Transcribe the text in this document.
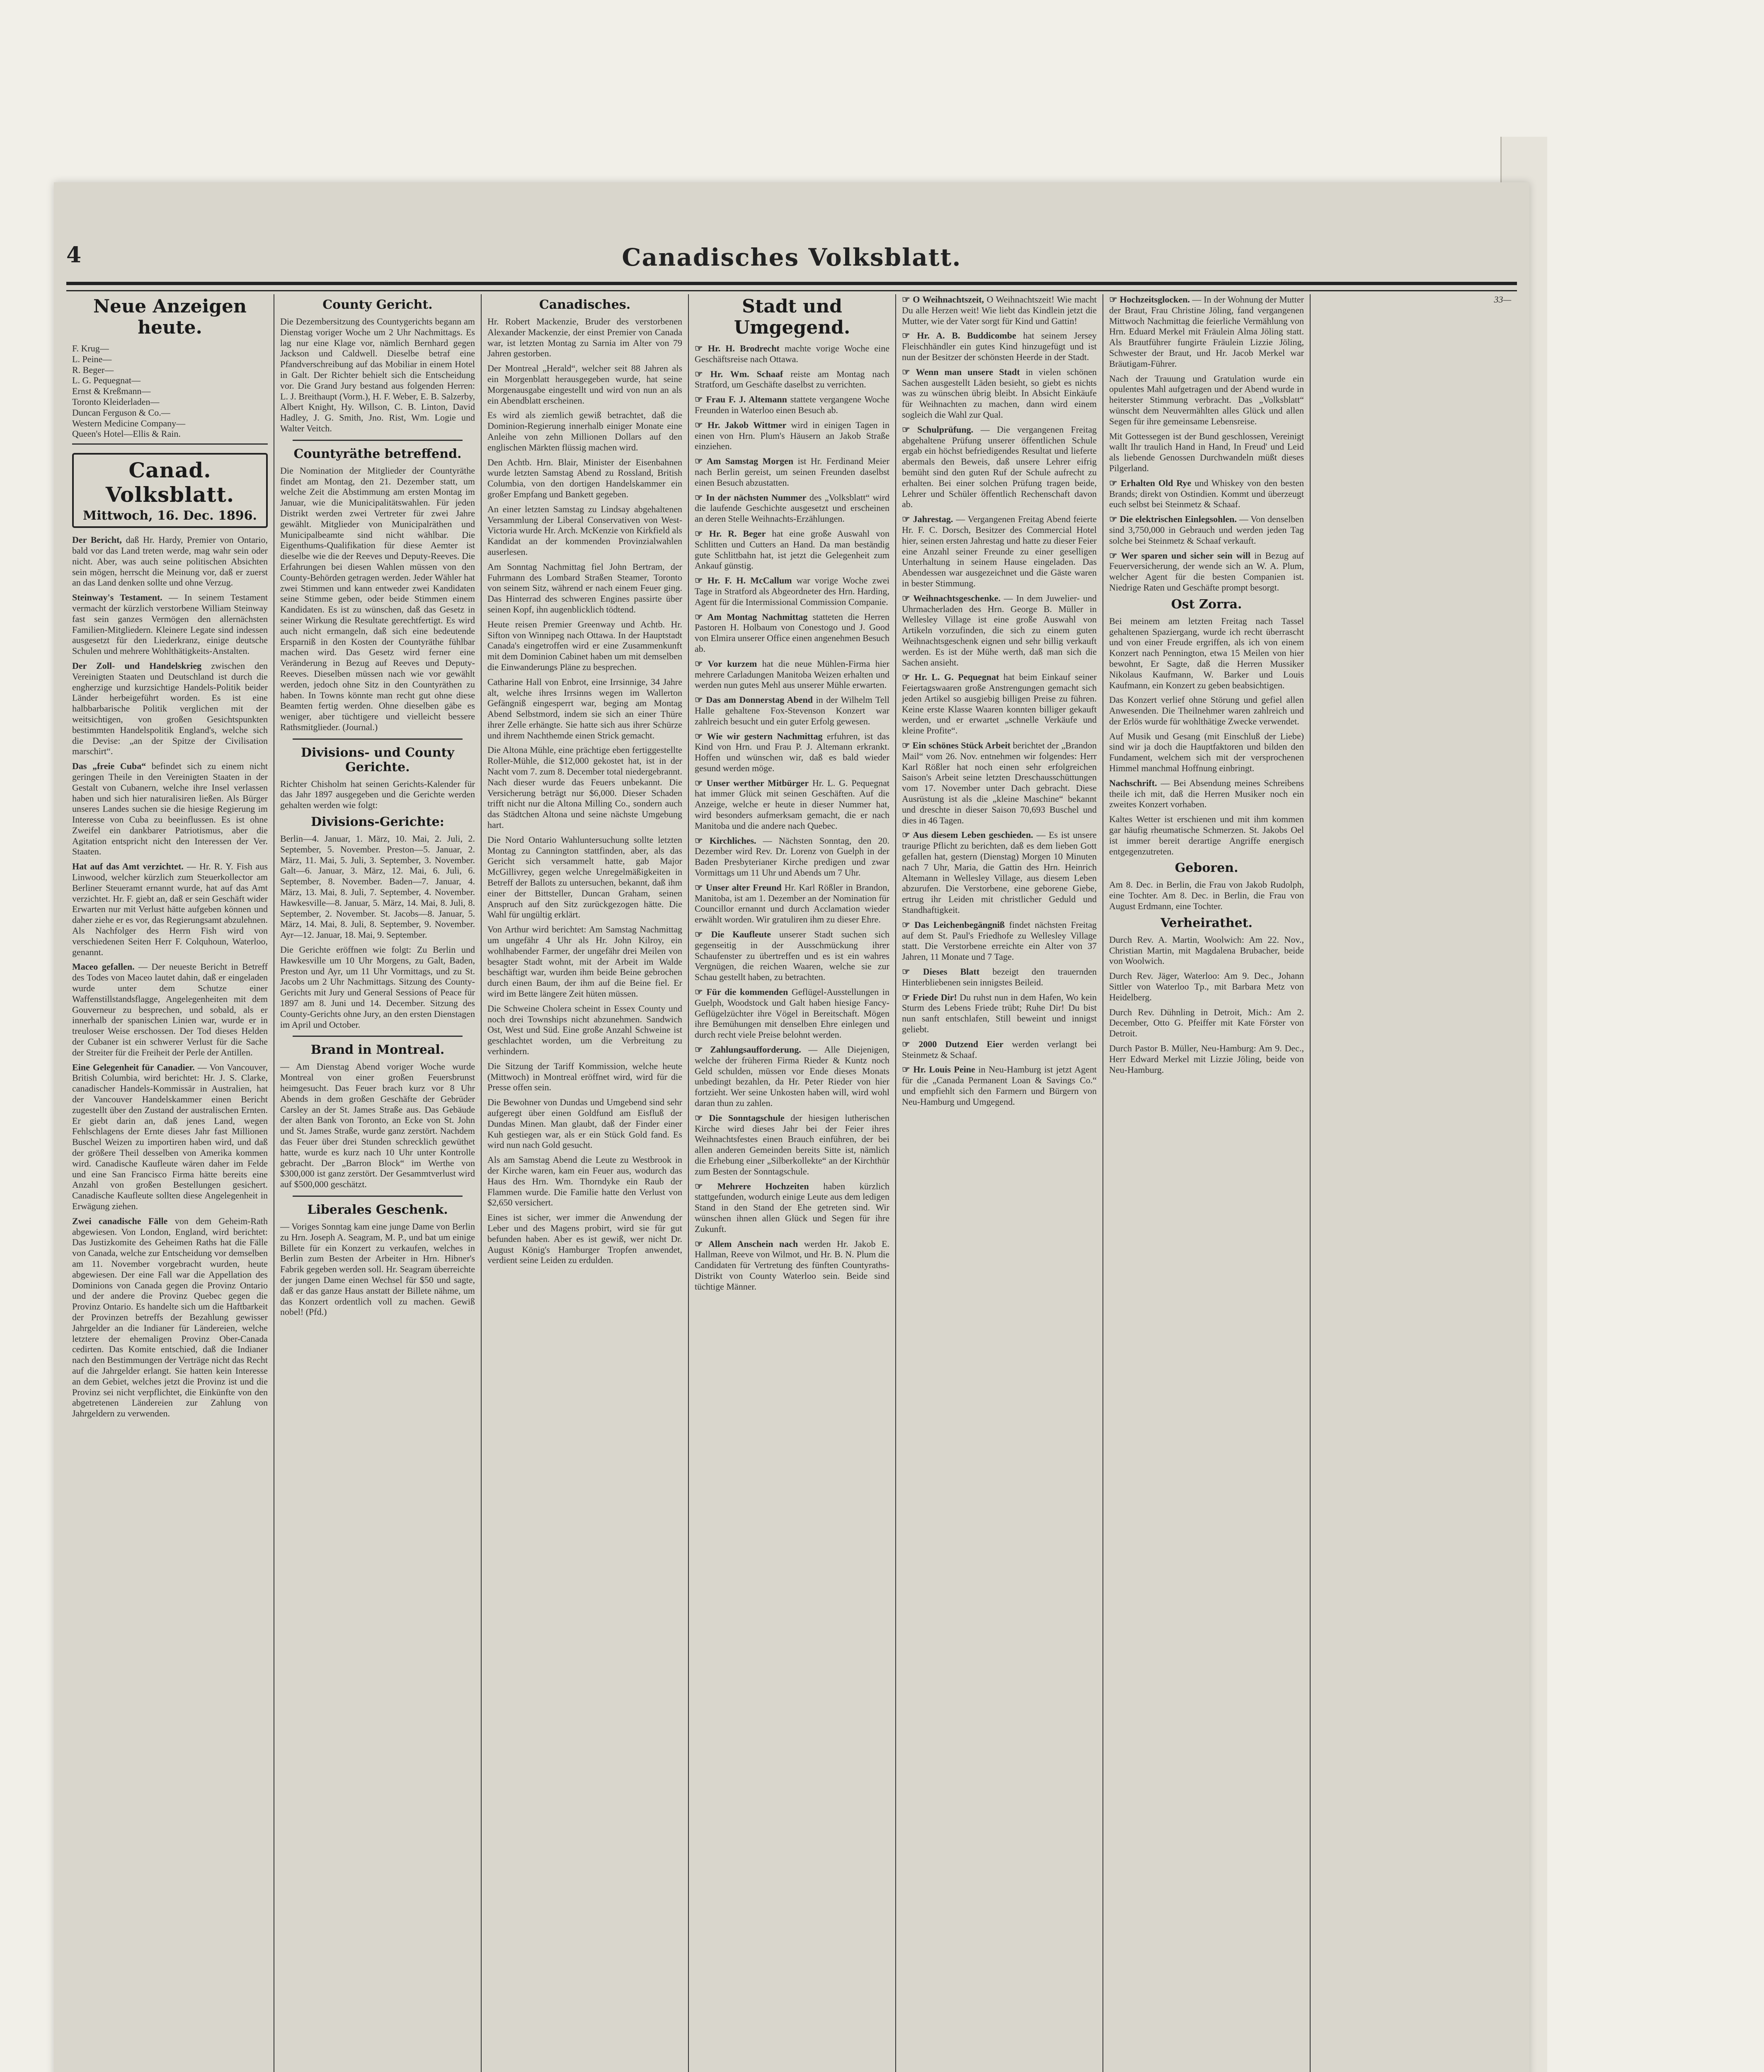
4	Canadisches Volksblatt.
Neue Anzeigen heute.
F. Krug—
L. Peine—
R. Beger—
L. G. Pequegnat—
Ernst & Kreßmann—
Toronto Kleiderladen—
Duncan Ferguson & Co.—
Western Medicine Company—
Queen's Hotel—Ellis & Rain.
Canad. Volksblatt.
Mittwoch, 16. Dec. 1896.

Der Bericht, daß Hr. Hardy, Premier von Ontario, bald vor das Land treten werde, mag wahr sein oder nicht. Aber, was auch seine politischen Absichten sein mögen, herrscht die Meinung vor, daß er zuerst an das Land denken sollte und ohne Verzug.

Steinway's Testament. — In seinem Testament vermacht der kürzlich verstorbene William Steinway fast sein ganzes Vermögen den allernächsten Familien-Mitgliedern. Kleinere Legate sind indessen ausgesetzt für den Liederkranz, einige deutsche Schulen und mehrere Wohlthätigkeits-Anstalten.

Der Zoll- und Handelskrieg zwischen den Vereinigten Staaten und Deutschland ist durch die engherzige und kurzsichtige Handels-Politik beider Länder herbeigeführt worden. Es ist eine halbbarbarische Politik verglichen mit der weitsichtigen, von großen Gesichtspunkten bestimmten Handelspolitik England's, welche sich die Devise: „an der Spitze der Civilisation marschirt“.

Das „freie Cuba“ befindet sich zu einem nicht geringen Theile in den Vereinigten Staaten in der Gestalt von Cubanern, welche ihre Insel verlassen haben und sich hier naturalisiren ließen. Als Bürger unseres Landes suchen sie die hiesige Regierung im Interesse von Cuba zu beeinflussen. Es ist ohne Zweifel ein dankbarer Patriotismus, aber die Agitation entspricht nicht den Interessen der Ver. Staaten.

Hat auf das Amt verzichtet. — Hr. R. Y. Fish aus Linwood, welcher kürzlich zum Steuerkollector am Berliner Steueramt ernannt wurde, hat auf das Amt verzichtet. Hr. F. giebt an, daß er sein Geschäft wider Erwarten nur mit Verlust hätte aufgeben können und daher ziehe er es vor, das Regierungsamt abzulehnen. Als Nachfolger des Herrn Fish wird von verschiedenen Seiten Herr F. Colquhoun, Waterloo, genannt.

Maceo gefallen. — Der neueste Bericht in Betreff des Todes von Maceo lautet dahin, daß er eingeladen wurde unter dem Schutze einer Waffenstillstandsflagge, Angelegenheiten mit dem Gouverneur zu besprechen, und sobald, als er innerhalb der spanischen Linien war, wurde er in treuloser Weise erschossen. Der Tod dieses Helden der Cubaner ist ein schwerer Verlust für die Sache der Streiter für die Freiheit der Perle der Antillen.

Eine Gelegenheit für Canadier. — Von Vancouver, British Columbia, wird berichtet: Hr. J. S. Clarke, canadischer Handels-Kommissär in Australien, hat der Vancouver Handelskammer einen Bericht zugestellt über den Zustand der australischen Ernten. Er giebt darin an, daß jenes Land, wegen Fehlschlagens der Ernte dieses Jahr fast Millionen Buschel Weizen zu importiren haben wird, und daß der größere Theil desselben von Amerika kommen wird. Canadische Kaufleute wären daher im Felde und eine San Francisco Firma hätte bereits eine Anzahl von großen Bestellungen gesichert. Canadische Kaufleute sollten diese Angelegenheit in Erwägung ziehen.

Zwei canadische Fälle von dem Geheim-Rath abgewiesen. Von London, England, wird berichtet: Das Justizkomite des Geheimen Raths hat die Fälle von Canada, welche zur Entscheidung vor demselben am 11. November vorgebracht wurden, heute abgewiesen. Der eine Fall war die Appellation des Dominions von Canada gegen die Provinz Ontario und der andere die Provinz Quebec gegen die Provinz Ontario. Es handelte sich um die Haftbarkeit der Provinzen betreffs der Bezahlung gewisser Jahrgelder an die Indianer für Ländereien, welche letztere der ehemaligen Provinz Ober-Canada cedirten. Das Komite entschied, daß die Indianer nach den Bestimmungen der Verträge nicht das Recht auf die Jahrgelder erlangt. Sie hatten kein Interesse an dem Gebiet, welches jetzt die Provinz ist und die Provinz sei nicht verpflichtet, die Einkünfte von den abgetretenen Ländereien zur Zahlung von Jahrgeldern zu verwenden.

County Gericht.

Die Dezembersitzung des Countygerichts begann am Dienstag voriger Woche um 2 Uhr Nachmittags. Es lag nur eine Klage vor, nämlich Bernhard gegen Jackson und Caldwell. Dieselbe betraf eine Pfandverschreibung auf das Mobiliar in einem Hotel in Galt. Der Richter behielt sich die Entscheidung vor. Die Grand Jury bestand aus folgenden Herren: L. J. Breithaupt (Vorm.), H. F. Weber, E. B. Salzerby, Albert Knight, Hy. Willson, C. B. Linton, David Hadley, J. G. Smith, Jno. Rist, Wm. Logie und Walter Veitch.

Countyräthe betreffend.

Die Nomination der Mitglieder der Countyräthe findet am Montag, den 21. Dezember statt, um welche Zeit die Abstimmung am ersten Montag im Januar, wie die Municipalitätswahlen. Für jeden Distrikt werden zwei Vertreter für zwei Jahre gewählt. Mitglieder von Municipalräthen und Municipalbeamte sind nicht wählbar. Die Eigenthums-Qualifikation für diese Aemter ist dieselbe wie die der Reeves und Deputy-Reeves. Die Erfahrungen bei diesen Wahlen müssen von den County-Behörden getragen werden. Jeder Wähler hat zwei Stimmen und kann entweder zwei Kandidaten seine Stimme geben, oder beide Stimmen einem Kandidaten. Es ist zu wünschen, daß das Gesetz in seiner Wirkung die Resultate gerechtfertigt. Es wird auch nicht ermangeln, daß sich eine bedeutende Ersparniß in den Kosten der Countyräthe fühlbar machen wird. Das Gesetz wird ferner eine Veränderung in Bezug auf Reeves und Deputy-Reeves. Dieselben müssen nach wie vor gewählt werden, jedoch ohne Sitz in den Countyräthen zu haben. In Towns könnte man recht gut ohne diese Beamten fertig werden. Ohne dieselben gäbe es weniger, aber tüchtigere und vielleicht bessere Rathsmitglieder. (Journal.)

Divisions- und County Gerichte.

Richter Chisholm hat seinen Gerichts-Kalender für das Jahr 1897 ausgegeben und die Gerichte werden gehalten werden wie folgt:

Divisions-Gerichte:

Berlin—4. Januar, 1. März, 10. Mai, 2. Juli, 2. September, 5. November. Preston—5. Januar, 2. März, 11. Mai, 5. Juli, 3. September, 3. November. Galt—6. Januar, 3. März, 12. Mai, 6. Juli, 6. September, 8. November. Baden—7. Januar, 4. März, 13. Mai, 8. Juli, 7. September, 4. November. Hawkesville—8. Januar, 5. März, 14. Mai, 8. Juli, 8. September, 2. November. St. Jacobs—8. Januar, 5. März, 14. Mai, 8. Juli, 8. September, 9. November. Ayr—12. Januar, 18. Mai, 9. September.

Die Gerichte eröffnen wie folgt: Zu Berlin und Hawkesville um 10 Uhr Morgens, zu Galt, Baden, Preston und Ayr, um 11 Uhr Vormittags, und zu St. Jacobs um 2 Uhr Nachmittags. Sitzung des County-Gerichts mit Jury und General Sessions of Peace für 1897 am 8. Juni und 14. December. Sitzung des County-Gerichts ohne Jury, an den ersten Dienstagen im April und October.

Brand in Montreal.

— Am Dienstag Abend voriger Woche wurde Montreal von einer großen Feuersbrunst heimgesucht. Das Feuer brach kurz vor 8 Uhr Abends in dem großen Geschäfte der Gebrüder Carsley an der St. James Straße aus. Das Gebäude der alten Bank von Toronto, an Ecke von St. John und St. James Straße, wurde ganz zerstört. Nachdem das Feuer über drei Stunden schrecklich gewüthet hatte, wurde es kurz nach 10 Uhr unter Kontrolle gebracht. Der „Barron Block“ im Werthe von $300,000 ist ganz zerstört. Der Gesammtverlust wird auf $500,000 geschätzt.

Liberales Geschenk.

— Voriges Sonntag kam eine junge Dame von Berlin zu Hrn. Joseph A. Seagram, M. P., und bat um einige Billete für ein Konzert zu verkaufen, welches in Berlin zum Besten der Arbeiter in Hrn. Hibner's Fabrik gegeben werden soll. Hr. Seagram überreichte der jungen Dame einen Wechsel für $50 und sagte, daß er das ganze Haus anstatt der Billete nähme, um das Konzert ordentlich voll zu machen. Gewiß nobel! (Pfd.)

Canadisches.

Hr. Robert Mackenzie, Bruder des verstorbenen Alexander Mackenzie, der einst Premier von Canada war, ist letzten Montag zu Sarnia im Alter von 79 Jahren gestorben.

Der Montreal „Herald“, welcher seit 88 Jahren als ein Morgenblatt herausgegeben wurde, hat seine Morgenausgabe eingestellt und wird von nun an als ein Abendblatt erscheinen.

Es wird als ziemlich gewiß betrachtet, daß die Dominion-Regierung innerhalb einiger Monate eine Anleihe von zehn Millionen Dollars auf den englischen Märkten flüssig machen wird.

Den Achtb. Hrn. Blair, Minister der Eisenbahnen wurde letzten Samstag Abend zu Rossland, British Columbia, von den dortigen Handelskammer ein großer Empfang und Bankett gegeben.

An einer letzten Samstag zu Lindsay abgehaltenen Versammlung der Liberal Conservativen von West-Victoria wurde Hr. Arch. McKenzie von Kirkfield als Kandidat an der kommenden Provinzialwahlen auserlesen.

Am Sonntag Nachmittag fiel John Bertram, der Fuhrmann des Lombard Straßen Steamer, Toronto von seinem Sitz, während er nach einem Feuer ging. Das Hinterrad des schweren Engines passirte über seinen Kopf, ihn augenblicklich tödtend.

Heute reisen Premier Greenway und Achtb. Hr. Sifton von Winnipeg nach Ottawa. In der Hauptstadt Canada's eingetroffen wird er eine Zusammenkunft mit dem Dominion Cabinet haben um mit demselben die Einwanderungs Pläne zu besprechen.

Catharine Hall von Enbrot, eine Irrsinnige, 34 Jahre alt, welche ihres Irrsinns wegen im Wallerton Gefängniß eingesperrt war, beging am Montag Abend Selbstmord, indem sie sich an einer Thüre ihrer Zelle erhängte. Sie hatte sich aus ihrer Schürze und ihrem Nachthemde einen Strick gemacht.

Die Altona Mühle, eine prächtige eben fertiggestellte Roller-Mühle, die $12,000 gekostet hat, ist in der Nacht vom 7. zum 8. December total niedergebrannt. Nach dieser wurde das Feuers unbekannt. Die Versicherung beträgt nur $6,000. Dieser Schaden trifft nicht nur die Altona Milling Co., sondern auch das Städtchen Altona und seine nächste Umgebung hart.

Die Nord Ontario Wahluntersuchung sollte letzten Montag zu Cannington stattfinden, aber, als das Gericht sich versammelt hatte, gab Major McGillivrey, gegen welche Unregelmäßigkeiten in Betreff der Ballots zu untersuchen, bekannt, daß ihm einer der Bittsteller, Duncan Graham, seinen Anspruch auf den Sitz zurückgezogen hätte. Die Wahl für ungültig erklärt.

Von Arthur wird berichtet: Am Samstag Nachmittag um ungefähr 4 Uhr als Hr. John Kilroy, ein wohlhabender Farmer, der ungefähr drei Meilen von besagter Stadt wohnt, mit der Arbeit im Walde beschäftigt war, wurden ihm beide Beine gebrochen durch einen Baum, der ihm auf die Beine fiel. Er wird im Bette längere Zeit hüten müssen.

Die Schweine Cholera scheint in Essex County und noch drei Townships nicht abzunehmen. Sandwich Ost, West und Süd. Eine große Anzahl Schweine ist geschlachtet worden, um die Verbreitung zu verhindern.

Die Sitzung der Tariff Kommission, welche heute (Mittwoch) in Montreal eröffnet wird, wird für die Presse offen sein.

Die Bewohner von Dundas und Umgebend sind sehr aufgeregt über einen Goldfund am Eisfluß der Dundas Minen. Man glaubt, daß der Finder einer Kuh gestiegen war, als er ein Stück Gold fand. Es wird nun nach Gold gesucht.

Als am Samstag Abend die Leute zu Westbrook in der Kirche waren, kam ein Feuer aus, wodurch das Haus des Hrn. Wm. Thorndyke ein Raub der Flammen wurde. Die Familie hatte den Verlust von $2,650 versichert.

Eines ist sicher, wer immer die Anwendung der Leber und des Magens probirt, wird sie für gut befunden haben. Aber es ist gewiß, wer nicht Dr. August König's Hamburger Tropfen anwendet, verdient seine Leiden zu erdulden.

Stadt und Umgegend.

☞ Hr. H. Brodrecht machte vorige Woche eine Geschäftsreise nach Ottawa.

☞ Hr. Wm. Schaaf reiste am Montag nach Stratford, um Geschäfte daselbst zu verrichten.

☞ Frau F. J. Altemann stattete vergangene Woche Freunden in Waterloo einen Besuch ab.

☞ Hr. Jakob Wittmer wird in einigen Tagen in einen von Hrn. Plum's Häusern an Jakob Straße einziehen.

☞ Am Samstag Morgen ist Hr. Ferdinand Meier nach Berlin gereist, um seinen Freunden daselbst einen Besuch abzustatten.

☞ In der nächsten Nummer des „Volksblatt“ wird die laufende Geschichte ausgesetzt und erscheinen an deren Stelle Weihnachts-Erzählungen.

☞ Hr. R. Beger hat eine große Auswahl von Schlitten und Cutters an Hand. Da man beständig gute Schlittbahn hat, ist jetzt die Gelegenheit zum Ankauf günstig.

☞ Hr. F. H. McCallum war vorige Woche zwei Tage in Stratford als Abgeordneter des Hrn. Harding, Agent für die Intermissional Commission Companie.

☞ Am Montag Nachmittag statteten die Herren Pastoren H. Holbaum von Conestogo und J. Good von Elmira unserer Office einen angenehmen Besuch ab.

☞ Vor kurzem hat die neue Mühlen-Firma hier mehrere Carladungen Manitoba Weizen erhalten und werden nun gutes Mehl aus unserer Mühle erwarten.

☞ Das am Donnerstag Abend in der Wilhelm Tell Halle gehaltene Fox-Stevenson Konzert war zahlreich besucht und ein guter Erfolg gewesen.

☞ Wie wir gestern Nachmittag erfuhren, ist das Kind von Hrn. und Frau P. J. Altemann erkrankt. Hoffen und wünschen wir, daß es bald wieder gesund werden möge.

☞ Unser werther Mitbürger Hr. L. G. Pequegnat hat immer Glück mit seinen Geschäften. Auf die Anzeige, welche er heute in dieser Nummer hat, wird besonders aufmerksam gemacht, die er nach Manitoba und die andere nach Quebec.

☞ Kirchliches. — Nächsten Sonntag, den 20. Dezember wird Rev. Dr. Lorenz von Guelph in der Baden Presbyterianer Kirche predigen und zwar Vormittags um 11 Uhr und Abends um 7 Uhr.

☞ Unser alter Freund Hr. Karl Rößler in Brandon, Manitoba, ist am 1. Dezember an der Nomination für Councillor ernannt und durch Acclamation wieder erwählt worden. Wir gratuliren ihm zu dieser Ehre.

☞ Die Kaufleute unserer Stadt suchen sich gegenseitig in der Ausschmückung ihrer Schaufenster zu übertreffen und es ist ein wahres Vergnügen, die reichen Waaren, welche sie zur Schau gestellt haben, zu betrachten.

☞ Für die kommenden Geflügel-Ausstellungen in Guelph, Woodstock und Galt haben hiesige Fancy-Geflügelzüchter ihre Vögel in Bereitschaft. Mögen ihre Bemühungen mit denselben Ehre einlegen und durch recht viele Preise belohnt werden.

☞ Zahlungsaufforderung. — Alle Diejenigen, welche der früheren Firma Rieder & Kuntz noch Geld schulden, müssen vor Ende dieses Monats unbedingt bezahlen, da Hr. Peter Rieder von hier fortzieht. Wer seine Unkosten haben will, wird wohl daran thun zu zahlen.

☞ Die Sonntagschule der hiesigen lutherischen Kirche wird dieses Jahr bei der Feier ihres Weihnachtsfestes einen Brauch einführen, der bei allen anderen Gemeinden bereits Sitte ist, nämlich die Erhebung einer „Silberkollekte“ an der Kirchthür zum Besten der Sonntagschule.

☞ Mehrere Hochzeiten haben kürzlich stattgefunden, wodurch einige Leute aus dem ledigen Stand in den Stand der Ehe getreten sind. Wir wünschen ihnen allen Glück und Segen für ihre Zukunft.

☞ Allem Anschein nach werden Hr. Jakob E. Hallman, Reeve von Wilmot, und Hr. B. N. Plum die Candidaten für Vertretung des fünften Countyraths-Distrikt von County Waterloo sein. Beide sind tüchtige Männer.

☞ O Weihnachtszeit, O Weihnachtszeit! Wie macht Du alle Herzen weit! Wie liebt das Kindlein jetzt die Mutter, wie der Vater sorgt für Kind und Gattin!

☞ Hr. A. B. Buddicombe hat seinem Jersey Fleischhändler ein gutes Kind hinzugefügt und ist nun der Besitzer der schönsten Heerde in der Stadt.

☞ Wenn man unsere Stadt in vielen schönen Sachen ausgestellt Läden besieht, so giebt es nichts was zu wünschen übrig bleibt. In Absicht Einkäufe für Weihnachten zu machen, dann wird einem sogleich die Wahl zur Qual.

☞ Schulprüfung. — Die vergangenen Freitag abgehaltene Prüfung unserer öffentlichen Schule ergab ein höchst befriedigendes Resultat und lieferte abermals den Beweis, daß unsere Lehrer eifrig bemüht sind den guten Ruf der Schule aufrecht zu erhalten. Bei einer solchen Prüfung tragen beide, Lehrer und Schüler öffentlich Rechenschaft davon ab.

☞ Jahrestag. — Vergangenen Freitag Abend feierte Hr. F. C. Dorsch, Besitzer des Commercial Hotel hier, seinen ersten Jahrestag und hatte zu dieser Feier eine Anzahl seiner Freunde zu einer geselligen Unterhaltung in seinem Hause eingeladen. Das Abendessen war ausgezeichnet und die Gäste waren in bester Stimmung.

☞ Weihnachtsgeschenke. — In dem Juwelier- und Uhrmacherladen des Hrn. George B. Müller in Wellesley Village ist eine große Auswahl von Artikeln vorzufinden, die sich zu einem guten Weihnachtsgeschenk eignen und sehr billig verkauft werden. Es ist der Mühe werth, daß man sich die Sachen ansieht.

☞ Hr. L. G. Pequegnat hat beim Einkauf seiner Feiertagswaaren große Anstrengungen gemacht sich jeden Artikel so ausgiebig billigen Preise zu führen. Keine erste Klasse Waaren konnten billiger gekauft werden, und er erwartet „schnelle Verkäufe und kleine Profite“.

☞ Ein schönes Stück Arbeit berichtet der „Brandon Mail“ vom 26. Nov. entnehmen wir folgendes: Herr Karl Rößler hat noch einen sehr erfolgreichen Saison's Arbeit seine letzten Dreschausschüttungen vom 17. November unter Dach gebracht. Diese Ausrüstung ist als die „kleine Maschine“ bekannt und dreschte in dieser Saison 70,693 Buschel und dies in 46 Tagen.

☞ Aus diesem Leben geschieden. — Es ist unsere traurige Pflicht zu berichten, daß es dem lieben Gott gefallen hat, gestern (Dienstag) Morgen 10 Minuten nach 7 Uhr, Maria, die Gattin des Hrn. Heinrich Altemann in Wellesley Village, aus diesem Leben abzurufen. Die Verstorbene, eine geborene Giebe, ertrug ihr Leiden mit christlicher Geduld und Standhaftigkeit.

☞ Das Leichenbegängniß findet nächsten Freitag auf dem St. Paul's Friedhofe zu Wellesley Village statt. Die Verstorbene erreichte ein Alter von 37 Jahren, 11 Monate und 7 Tage.

☞ Dieses Blatt bezeigt den trauernden Hinterbliebenen sein innigstes Beileid.

☞ Friede Dir! Du ruhst nun in dem Hafen, Wo kein Sturm des Lebens Friede trübt; Ruhe Dir! Du bist nun sanft entschlafen, Still beweint und innigst geliebt.

☞ 2000 Dutzend Eier werden verlangt bei Steinmetz & Schaaf.

☞ Hr. Louis Peine in Neu-Hamburg ist jetzt Agent für die „Canada Permanent Loan & Savings Co.“ und empfiehlt sich den Farmern und Bürgern von Neu-Hamburg und Umgegend.

☞ Hochzeitsglocken. — In der Wohnung der Mutter der Braut, Frau Christine Jöling, fand vergangenen Mittwoch Nachmittag die feierliche Vermählung von Hrn. Eduard Merkel mit Fräulein Alma Jöling statt. Als Brautführer fungirte Fräulein Lizzie Jöling, Schwester der Braut, und Hr. Jacob Merkel war Bräutigam-Führer.

Nach der Trauung und Gratulation wurde ein opulentes Mahl aufgetragen und der Abend wurde in heiterster Stimmung verbracht. Das „Volksblatt“ wünscht dem Neuvermählten alles Glück und allen Segen für ihre gemeinsame Lebensreise.

Mit Gottessegen ist der Bund geschlossen, Vereinigt wallt Ihr traulich Hand in Hand, In Freud' und Leid als liebende Genossen Durchwandeln müßt dieses Pilgerland.

☞ Erhalten Old Rye und Whiskey von den besten Brands; direkt von Ostindien. Kommt und überzeugt euch selbst bei Steinmetz & Schaaf.

☞ Die elektrischen Einlegsohlen. — Von denselben sind 3,750,000 in Gebrauch und werden jeden Tag solche bei Steinmetz & Schaaf verkauft.

☞ Wer sparen und sicher sein will in Bezug auf Feuerversicherung, der wende sich an W. A. Plum, welcher Agent für die besten Companien ist. Niedrige Raten und Geschäfte prompt besorgt.

Ost Zorra.

Bei meinem am letzten Freitag nach Tassel gehaltenen Spaziergang, wurde ich recht überrascht und von einer Freude ergriffen, als ich von einem Konzert nach Pennington, etwa 15 Meilen von hier bewohnt, Er Sagte, daß die Herren Mussiker Nikolaus Kaufmann, W. Barker und Louis Kaufmann, ein Konzert zu geben beabsichtigen.

Das Konzert verlief ohne Störung und gefiel allen Anwesenden. Die Theilnehmer waren zahlreich und der Erlös wurde für wohlthätige Zwecke verwendet.

Auf Musik und Gesang (mit Einschluß der Liebe) sind wir ja doch die Hauptfaktoren und bilden den Fundament, welchem sich mit der versprochenen Himmel manchmal Hoffnung einbringt.

Nachschrift. — Bei Absendung meines Schreibens theile ich mit, daß die Herren Musiker noch ein zweites Konzert vorhaben.

Kaltes Wetter ist erschienen und mit ihm kommen gar häufig rheumatische Schmerzen. St. Jakobs Oel ist immer bereit derartige Angriffe energisch entgegenzutreten.

Geboren.

Am 8. Dec. in Berlin, die Frau von Jakob Rudolph, eine Tochter. Am 8. Dec. in Berlin, die Frau von August Erdmann, eine Tochter.

Verheirathet.

Durch Rev. A. Martin, Woolwich: Am 22. Nov., Christian Martin, mit Magdalena Brubacher, beide von Woolwich.

Durch Rev. Jäger, Waterloo: Am 9. Dec., Johann Sittler von Waterloo Tp., mit Barbara Metz von Heidelberg.

Durch Rev. Dühnling in Detroit, Mich.: Am 2. December, Otto G. Pfeiffer mit Kate Förster von Detroit.

Durch Pastor B. Müller, Neu-Hamburg: Am 9. Dec., Herr Edward Merkel mit Lizzie Jöling, beide von Neu-Hamburg.

33—
